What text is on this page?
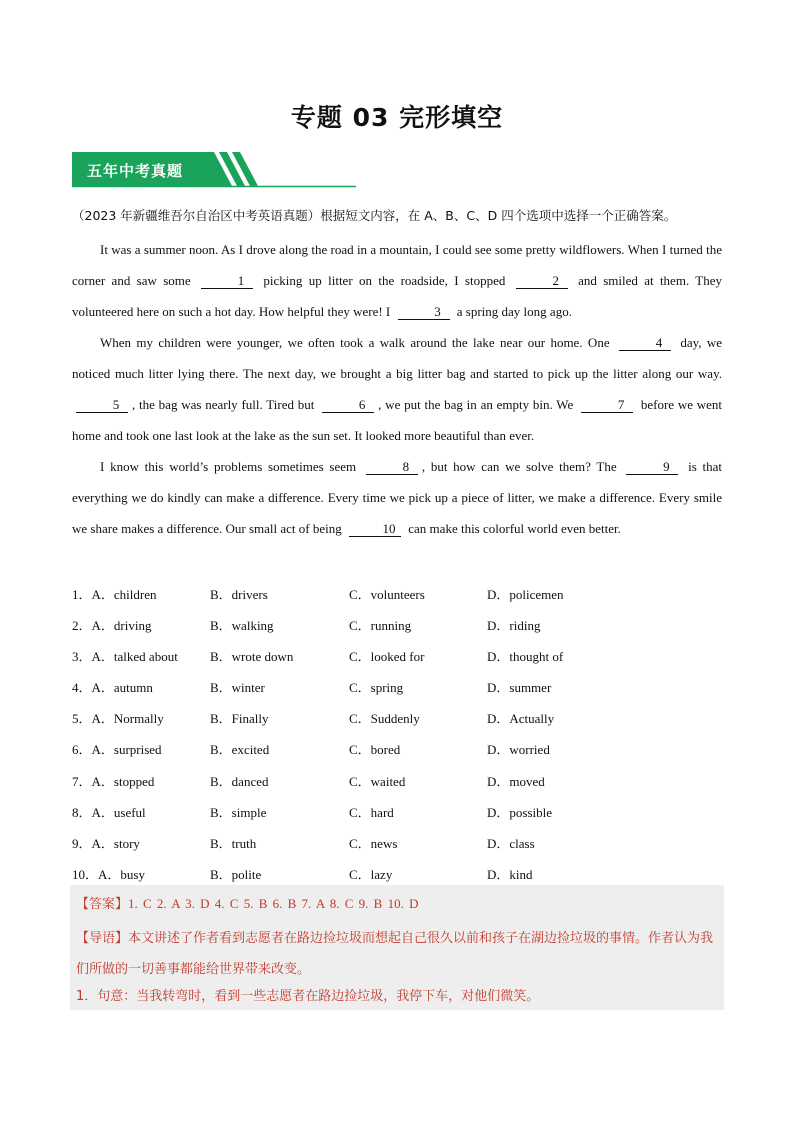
专题 03 完形填空
五年中考真题
（2023 年新疆维吾尔自治区中考英语真题）根据短文内容，在 A、B、C、D 四个选项中选择一个正确答案。

It was a summer noon. As I drove along the road in a mountain, I could see some pretty wildflowers. When I turned the corner and saw some	1 picking up litter on the roadside, I stopped	2 and smiled at them. They volunteered here on such a hot day. How helpful they were! I	3 a spring day long ago.

When my children were younger, we often took a walk around the lake near our home. One	4 day, we noticed much litter lying there. The next day, we brought a big litter bag and started to pick up the litter along our way. 5 , the bag was nearly full. Tired but	6 , we put the bag in an empty bin. We	7 before we went home and took one last look at the lake as the sun set. It looked more beautiful than ever.

I know this world’s problems sometimes seem	8 , but how can we solve them? The	9 is that everything we do kindly can make a difference. Every time we pick up a piece of litter, we make a difference. Every smile we share makes a difference. Our small act of being	10 can make this colorful world even better.

1．A．children	B．drivers	C．volunteers	D．policemen
2．A．driving	B．walking	C．running	D．riding
3．A．talked about B．wrote down	C．looked for	D．thought of
4．A．autumn	B．winter	C．spring	D．summer
5．A．Normally	B．Finally	C．Suddenly	D．Actually
6．A．surprised	B．excited	C．bored	D．worried
7．A．stopped	B．danced	C．waited	D．moved
8．A．useful	B．simple	C．hard	D．possible
9．A．story	B．truth	C．news	D．class
10．A．busy	B．polite	C．lazy	D．kind
【答案】1. C 2. A 3. D 4. C 5. B 6. B 7. A 8. C 9. B 10. D
【导语】本文讲述了作者看到志愿者在路边捡垃圾而想起自己很久以前和孩子在湖边捡垃圾的事情。作者认为我们所做的一切善事都能给世界带来改变。
1．句意：当我转弯时，看到一些志愿者在路边捡垃圾，我停下车，对他们微笑。
